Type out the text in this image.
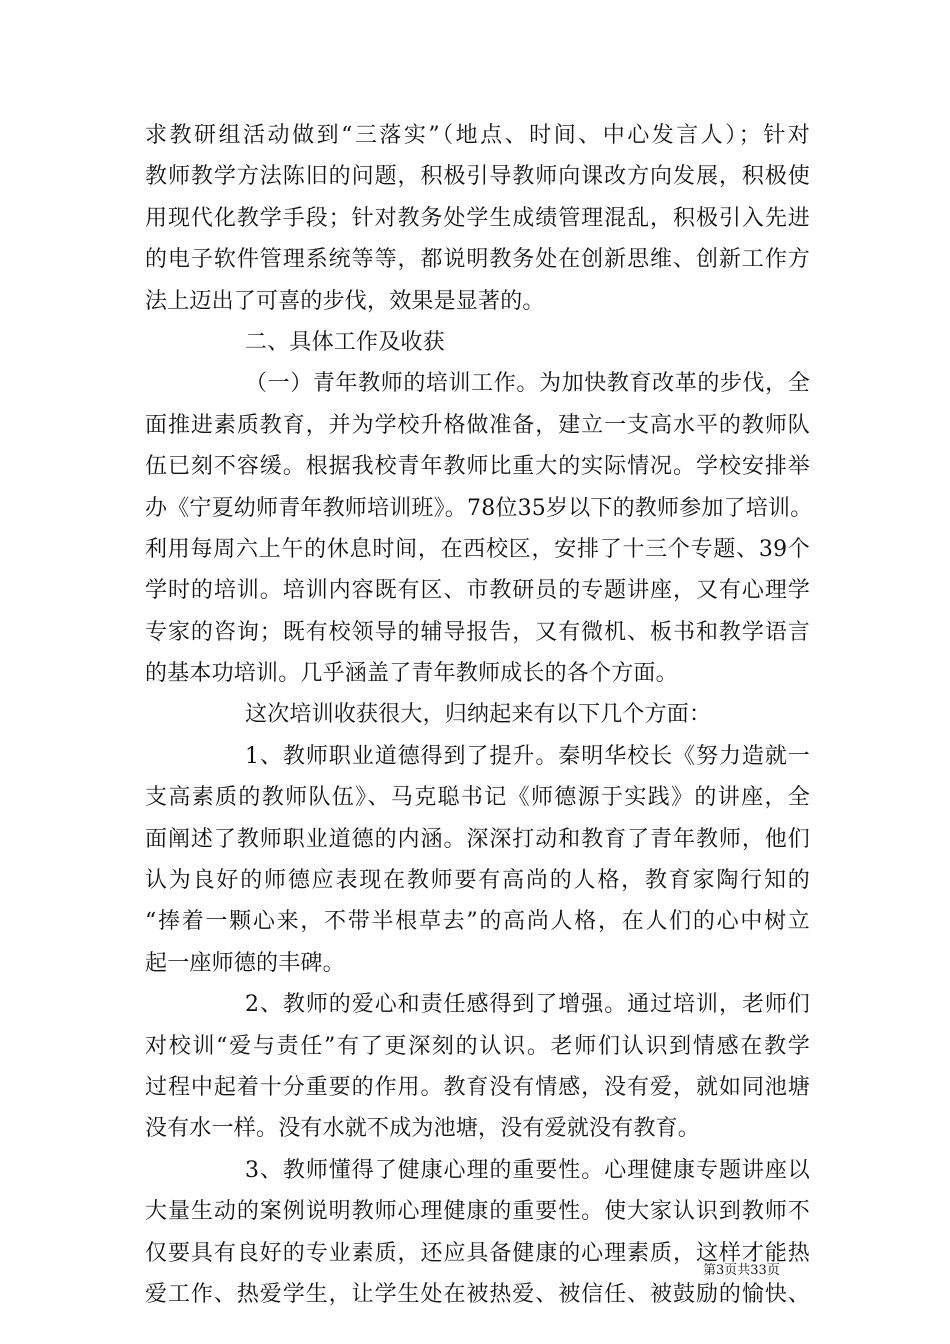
求教研组活动做到“三落实”（地点、时间、中心发言人）；针对
教师教学方法陈旧的问题，积极引导教师向课改方向发展，积极使
用现代化教学手段；针对教务处学生成绩管理混乱，积极引入先进
的电子软件管理系统等等，都说明教务处在创新思维、创新工作方
法上迈出了可喜的步伐，效果是显著的。
二、具体工作及收获
（一）青年教师的培训工作。为加快教育改革的步伐，全
面推进素质教育，并为学校升格做准备，建立一支高水平的教师队
伍已刻不容缓。根据我校青年教师比重大的实际情况。学校安排举
办《宁夏幼师青年教师培训班》。78位35岁以下的教师参加了培训。
利用每周六上午的休息时间，在西校区，安排了十三个专题、39个
学时的培训。培训内容既有区、市教研员的专题讲座，又有心理学
专家的咨询；既有校领导的辅导报告，又有微机、板书和教学语言
的基本功培训。几乎涵盖了青年教师成长的各个方面。
这次培训收获很大，归纳起来有以下几个方面：
1、教师职业道德得到了提升。秦明华校长《努力造就一
支高素质的教师队伍》、马克聪书记《师德源于实践》的讲座，全
面阐述了教师职业道德的内涵。深深打动和教育了青年教师，他们
认为良好的师德应表现在教师要有高尚的人格，教育家陶行知的
“捧着一颗心来，不带半根草去”的高尚人格，在人们的心中树立
起一座师德的丰碑。
2、教师的爱心和责任感得到了增强。通过培训，老师们
对校训“爱与责任”有了更深刻的认识。老师们认识到情感在教学
过程中起着十分重要的作用。教育没有情感，没有爱，就如同池塘
没有水一样。没有水就不成为池塘，没有爱就没有教育。
3、教师懂得了健康心理的重要性。心理健康专题讲座以
大量生动的案例说明教师心理健康的重要性。使大家认识到教师不
仅要具有良好的专业素质，还应具备健康的心理素质，这样才能热
爱工作、热爱学生，让学生处在被热爱、被信任、被鼓励的愉快、
第3页共33页
